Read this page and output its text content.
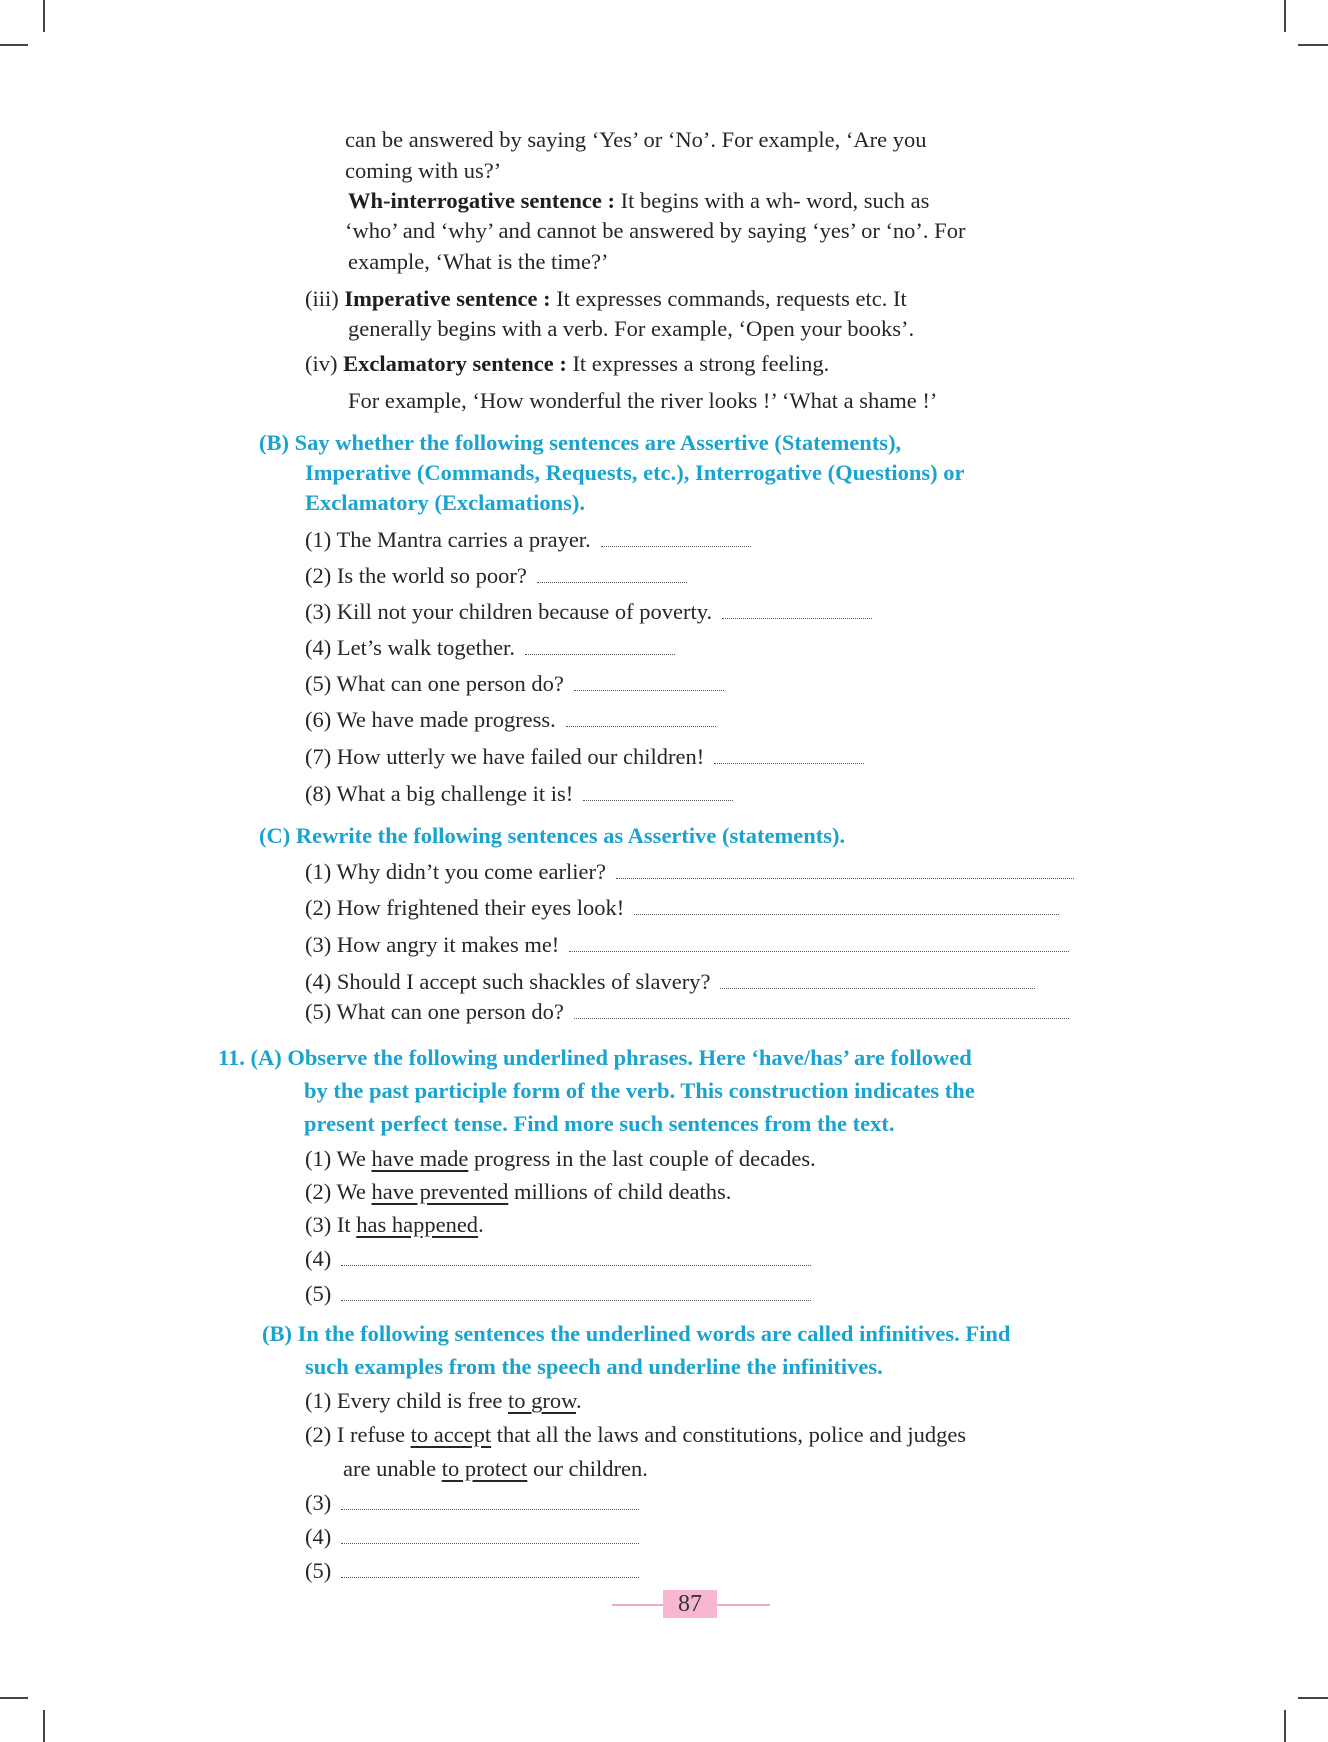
can be answered by saying ‘Yes’ or ‘No’. For example, ‘Are you
coming with us?’
Wh-interrogative sentence : It begins with a wh- word, such as
‘who’ and ‘why’ and cannot be answered by saying ‘yes’ or ‘no’. For
example, ‘What is the time?’
(iii) Imperative sentence : It expresses commands, requests etc. It
generally begins with a verb. For example, ‘Open your books’.
(iv) Exclamatory sentence : It expresses a strong feeling.
For example, ‘How wonderful the river looks !’ ‘What a shame !’
(B) Say whether the following sentences are Assertive (Statements),
Imperative (Commands, Requests, etc.), Interrogative (Questions) or
Exclamatory (Exclamations).
(1) The Mantra carries a prayer.
(2) Is the world so poor?
(3) Kill not your children because of poverty.
(4) Let’s walk together.
(5) What can one person do?
(6) We have made progress.
(7) How utterly we have failed our children!
(8) What a big challenge it is!
(C) Rewrite the following sentences as Assertive (statements).
(1) Why didn’t you come earlier?
(2) How frightened their eyes look!
(3) How angry it makes me!
(4) Should I accept such shackles of slavery?
(5) What can one person do?
11. (A) Observe the following underlined phrases. Here ‘have/has’ are followed
by the past participle form of the verb. This construction indicates the
present perfect tense. Find more such sentences from the text.
(1) We have made progress in the last couple of decades.
(2) We have prevented millions of child deaths.
(3) It has happened.
(4)
(5)
(B) In the following sentences the underlined words are called infinitives. Find
such examples from the speech and underline the infinitives.
(1) Every child is free to grow.
(2) I refuse to accept that all the laws and constitutions, police and judges
are unable to protect our children.
(3)
(4)
(5)
87
